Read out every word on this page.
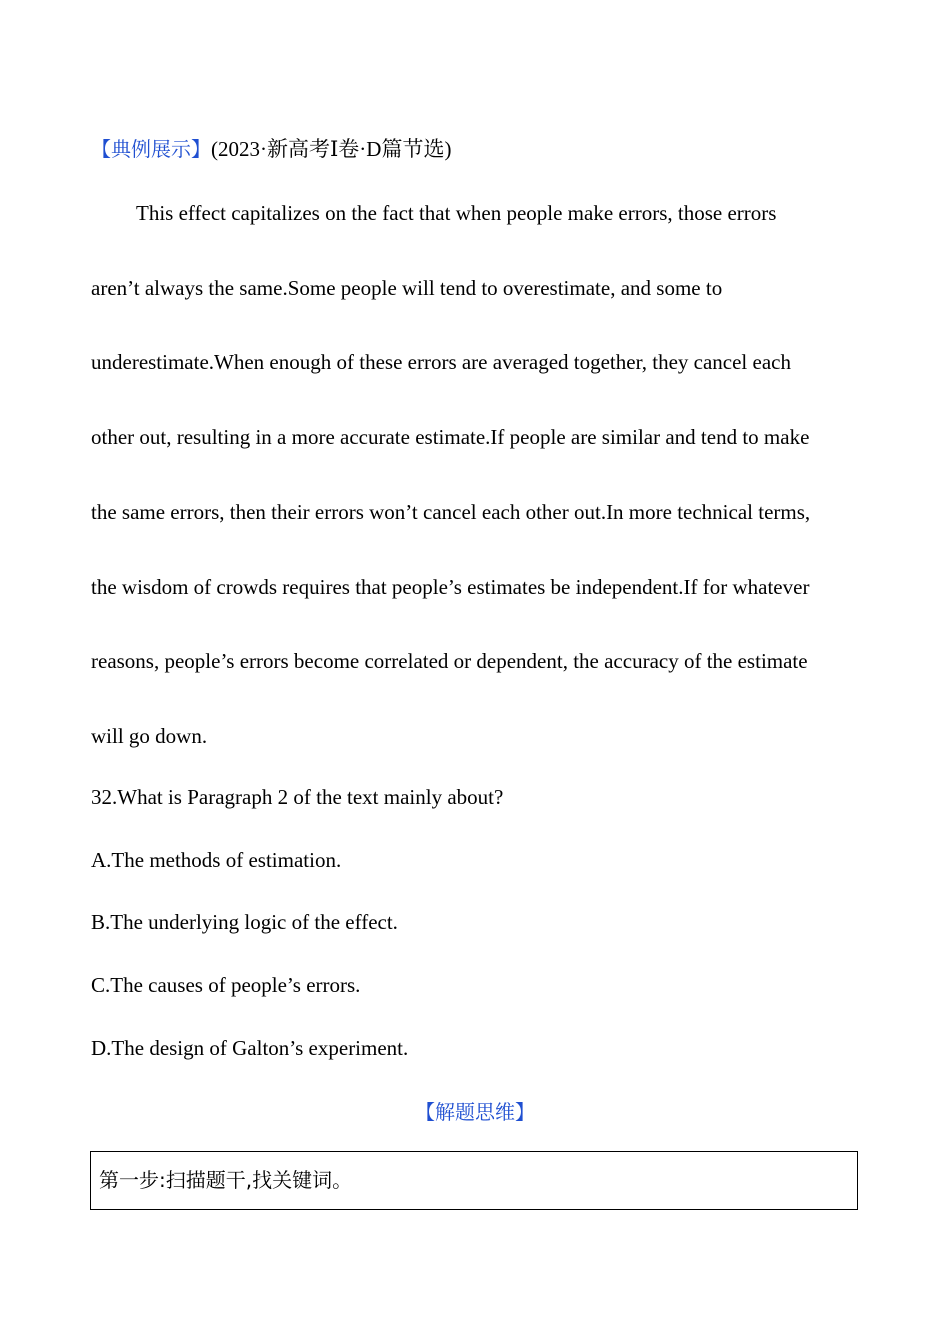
【典例展示】(2023·新高考Ⅰ卷·D篇节选)
This effect capitalizes on the fact that when people make errors, those errors
aren’t always the same.Some people will tend to overestimate, and some to
underestimate.When enough of these errors are averaged together, they cancel each
other out, resulting in a more accurate estimate.If people are similar and tend to make
the same errors, then their errors won’t cancel each other out.In more technical terms,
the wisdom of crowds requires that people’s estimates be independent.If for whatever
reasons, people’s errors become correlated or dependent, the accuracy of the estimate
will go down.
32.What is Paragraph 2 of the text mainly about?
A.The methods of estimation.
B.The underlying logic of the effect.
C.The causes of people’s errors.
D.The design of Galton’s experiment.
【解题思维】
第一步:扫描题干,找关键词。
